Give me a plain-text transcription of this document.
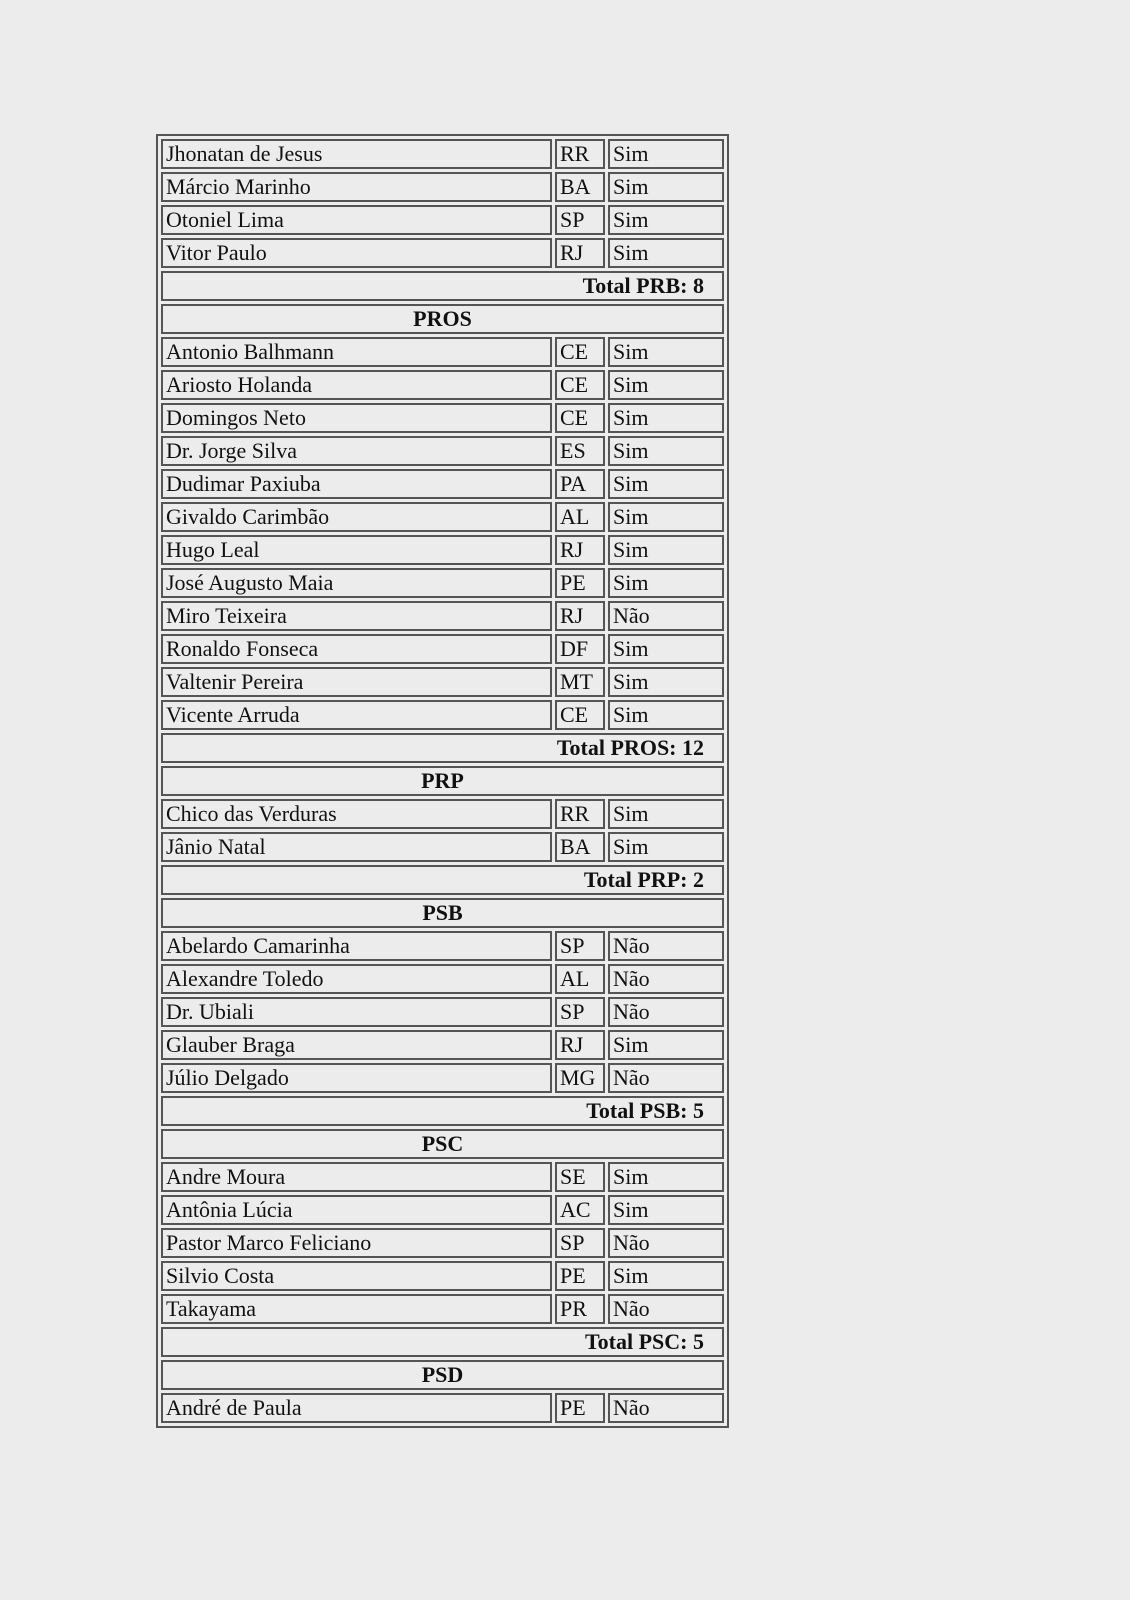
Jhonatan de Jesus	RR	Sim
Márcio Marinho	BA	Sim
Otoniel Lima	SP	Sim
Vitor Paulo	RJ	Sim
Total PRB: 8		
PROS		
Antonio Balhmann	CE	Sim
Ariosto Holanda	CE	Sim
Domingos Neto	CE	Sim
Dr. Jorge Silva	ES	Sim
Dudimar Paxiuba	PA	Sim
Givaldo Carimbão	AL	Sim
Hugo Leal	RJ	Sim
José Augusto Maia	PE	Sim
Miro Teixeira	RJ	Não
Ronaldo Fonseca	DF	Sim
Valtenir Pereira	MT	Sim
Vicente Arruda	CE	Sim
Total PROS: 12		
PRP		
Chico das Verduras	RR	Sim
Jânio Natal	BA	Sim
Total PRP: 2		
PSB		
Abelardo Camarinha	SP	Não
Alexandre Toledo	AL	Não
Dr. Ubiali	SP	Não
Glauber Braga	RJ	Sim
Júlio Delgado	MG	Não
Total PSB: 5		
PSC		
Andre Moura	SE	Sim
Antônia Lúcia	AC	Sim
Pastor Marco Feliciano	SP	Não
Silvio Costa	PE	Sim
Takayama	PR	Não
Total PSC: 5		
PSD		
André de Paula	PE	Não
